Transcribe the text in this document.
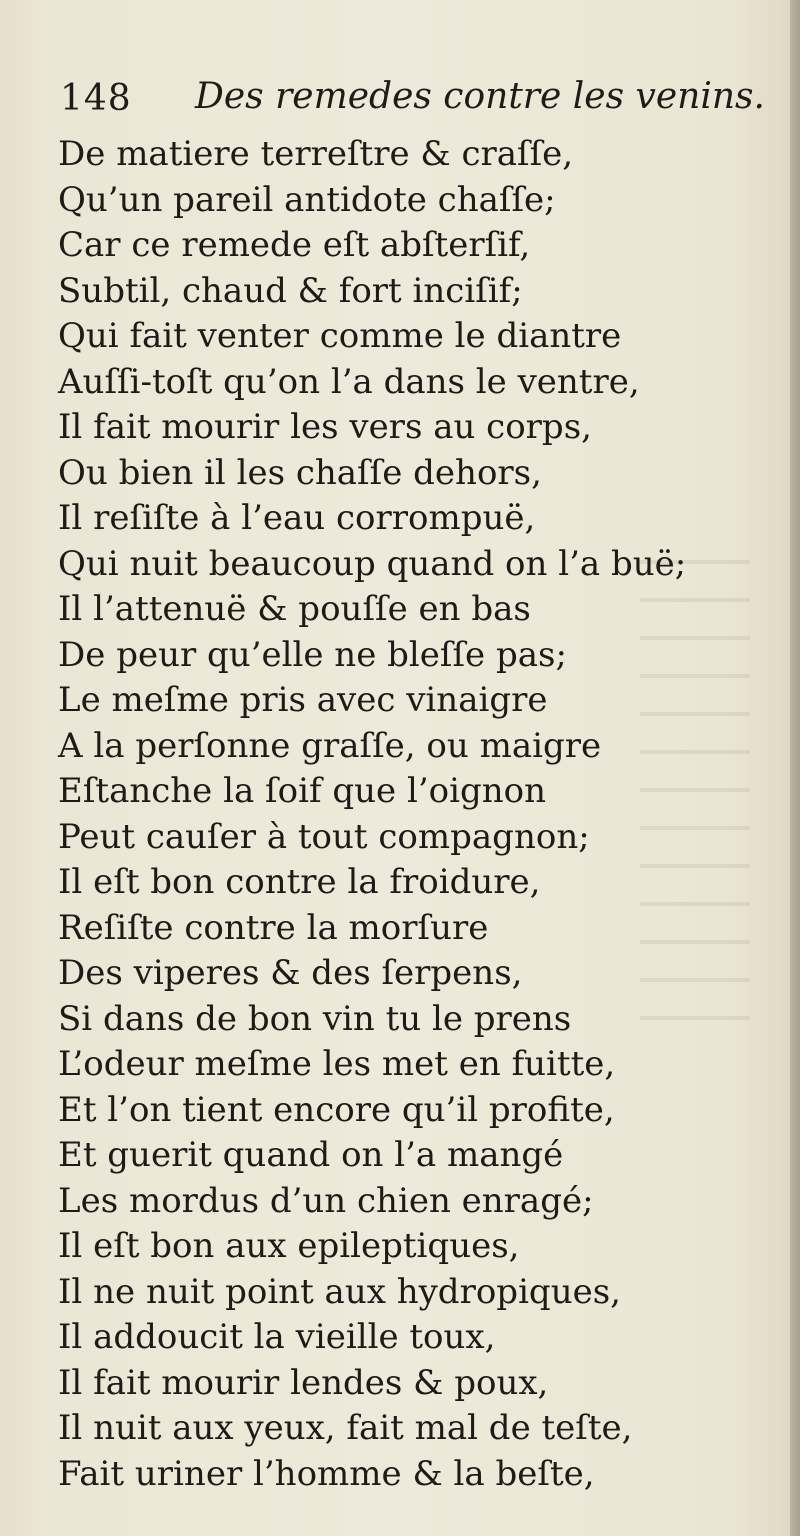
148 Des remedes contre les venins.
De matiere terreſtre & craſſe,
Qu’un pareil antidote chaſſe;
Car ce remede eſt abſterſif,
Subtil, chaud & fort inciſif;
Qui fait venter comme le diantre
Auſſi-toſt qu’on l’a dans le ventre,
Il fait mourir les vers au corps,
Ou bien il les chaſſe dehors,
Il reſiſte à l’eau corrompuë,
Qui nuit beaucoup quand on l’a buë;
Il l’attenuë & pouſſe en bas
De peur qu’elle ne bleſſe pas;
Le meſme pris avec vinaigre
A la perſonne graſſe, ou maigre
Eſtanche la ſoif que l’oignon
Peut cauſer à tout compagnon;
Il eſt bon contre la froidure,
Reſiſte contre la morſure
Des viperes & des ſerpens,
Si dans de bon vin tu le prens
L’odeur meſme les met en fuitte,
Et l’on tient encore qu’il profite,
Et guerit quand on l’a mangé
Les mordus d’un chien enragé;
Il eſt bon aux epileptiques,
Il ne nuit point aux hydropiques,
Il addoucit la vieille toux,
Il fait mourir lendes & poux,
Il nuit aux yeux, fait mal de teſte,
Fait uriner l’homme & la beſte,
